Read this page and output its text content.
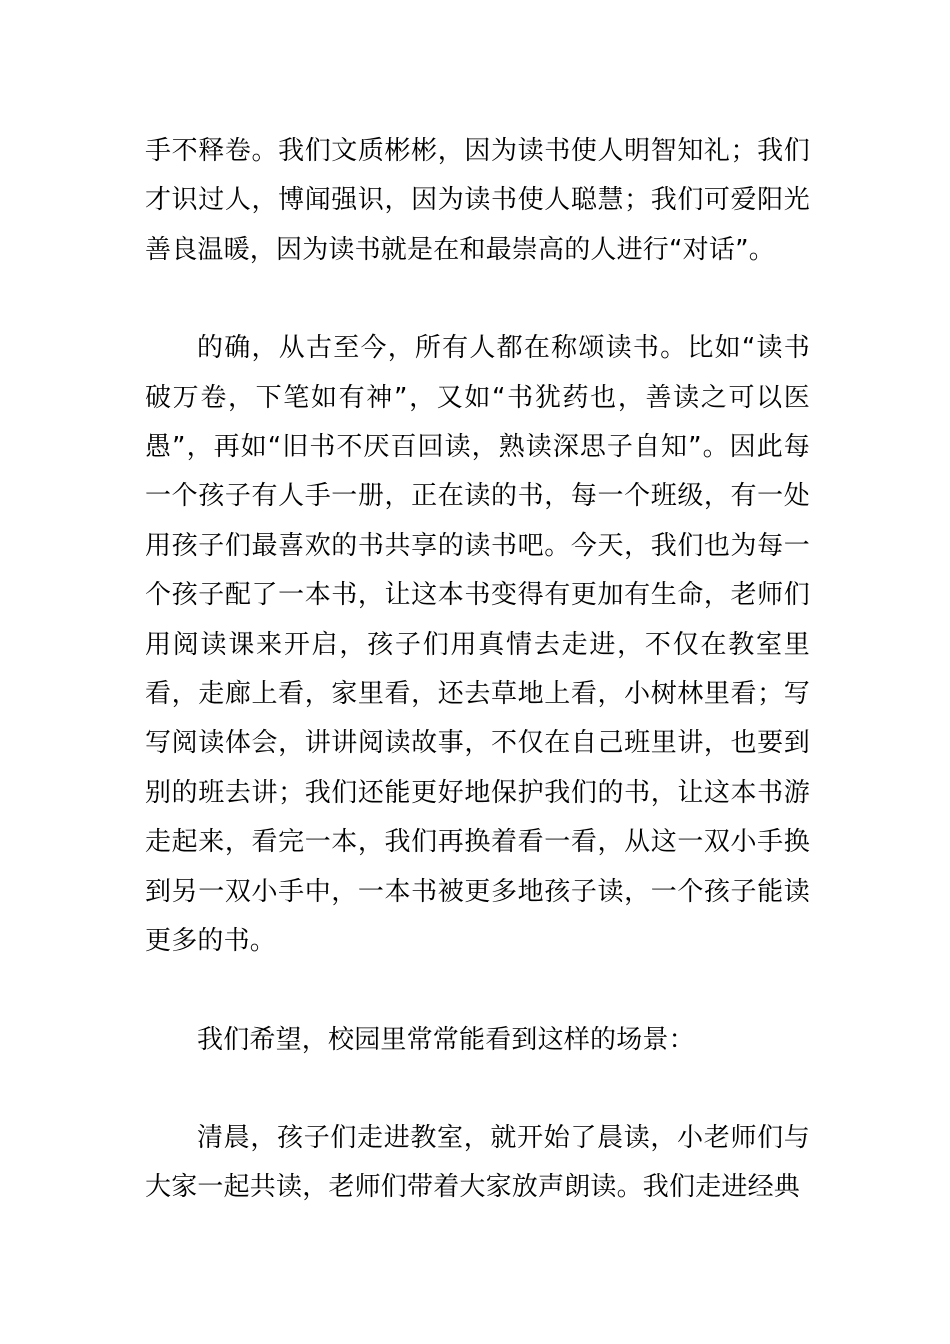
手不释卷。我们文质彬彬，因为读书使人明智知礼；我们才识过人，博闻强识，因为读书使人聪慧；我们可爱阳光善良温暖，因为读书就是在和最崇高的人进行“对话”。

的确，从古至今，所有人都在称颂读书。比如“读书破万卷，下笔如有神”，又如“书犹药也，善读之可以医愚”，再如“旧书不厌百回读，熟读深思子自知”。因此每一个孩子有人手一册，正在读的书，每一个班级，有一处用孩子们最喜欢的书共享的读书吧。今天，我们也为每一个孩子配了一本书，让这本书变得有更加有生命，老师们用阅读课来开启，孩子们用真情去走进，不仅在教室里看，走廊上看，家里看，还去草地上看，小树林里看；写写阅读体会，讲讲阅读故事，不仅在自己班里讲，也要到别的班去讲；我们还能更好地保护我们的书，让这本书游走起来，看完一本，我们再换着看一看，从这一双小手换到另一双小手中，一本书被更多地孩子读，一个孩子能读更多的书。

我们希望，校园里常常能看到这样的场景：

清晨，孩子们走进教室，就开始了晨读，小老师们与大家一起共读，老师们带着大家放声朗读。我们走进经典
